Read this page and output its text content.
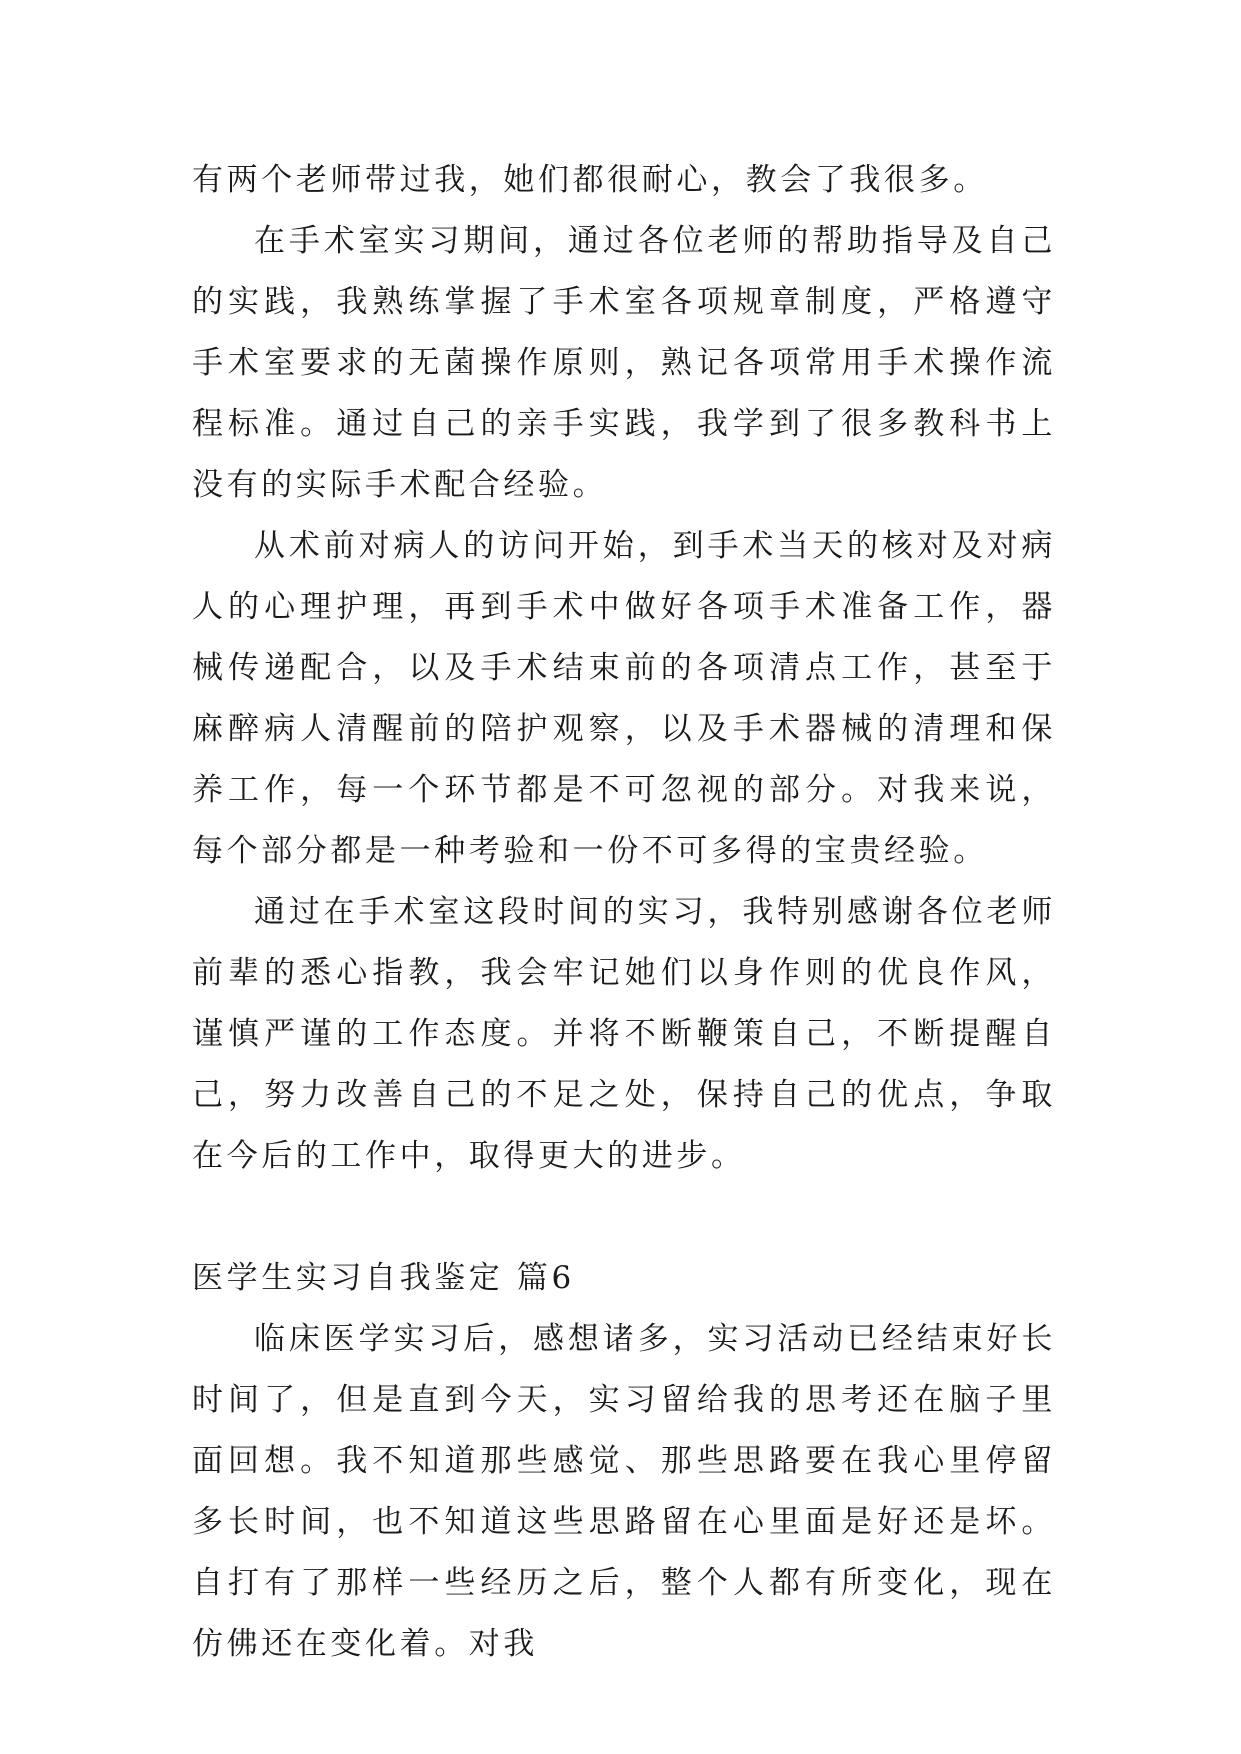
有两个老师带过我，她们都很耐心，教会了我很多。

在手术室实习期间，通过各位老师的帮助指导及自己的实践，我熟练掌握了手术室各项规章制度，严格遵守手术室要求的无菌操作原则，熟记各项常用手术操作流程标准。通过自己的亲手实践，我学到了很多教科书上没有的实际手术配合经验。

从术前对病人的访问开始，到手术当天的核对及对病人的心理护理，再到手术中做好各项手术准备工作，器械传递配合，以及手术结束前的各项清点工作，甚至于麻醉病人清醒前的陪护观察，以及手术器械的清理和保养工作，每一个环节都是不可忽视的部分。对我来说，每个部分都是一种考验和一份不可多得的宝贵经验。

通过在手术室这段时间的实习，我特别感谢各位老师前辈的悉心指教，我会牢记她们以身作则的优良作风，谨慎严谨的工作态度。并将不断鞭策自己，不断提醒自己，努力改善自己的不足之处，保持自己的优点，争取在今后的工作中，取得更大的进步。

医学生实习自我鉴定 篇6

临床医学实习后，感想诸多，实习活动已经结束好长时间了，但是直到今天，实习留给我的思考还在脑子里面回想。我不知道那些感觉、那些思路要在我心里停留多长时间，也不知道这些思路留在心里面是好还是坏。自打有了那样一些经历之后，整个人都有所变化，现在仿佛还在变化着。对我
